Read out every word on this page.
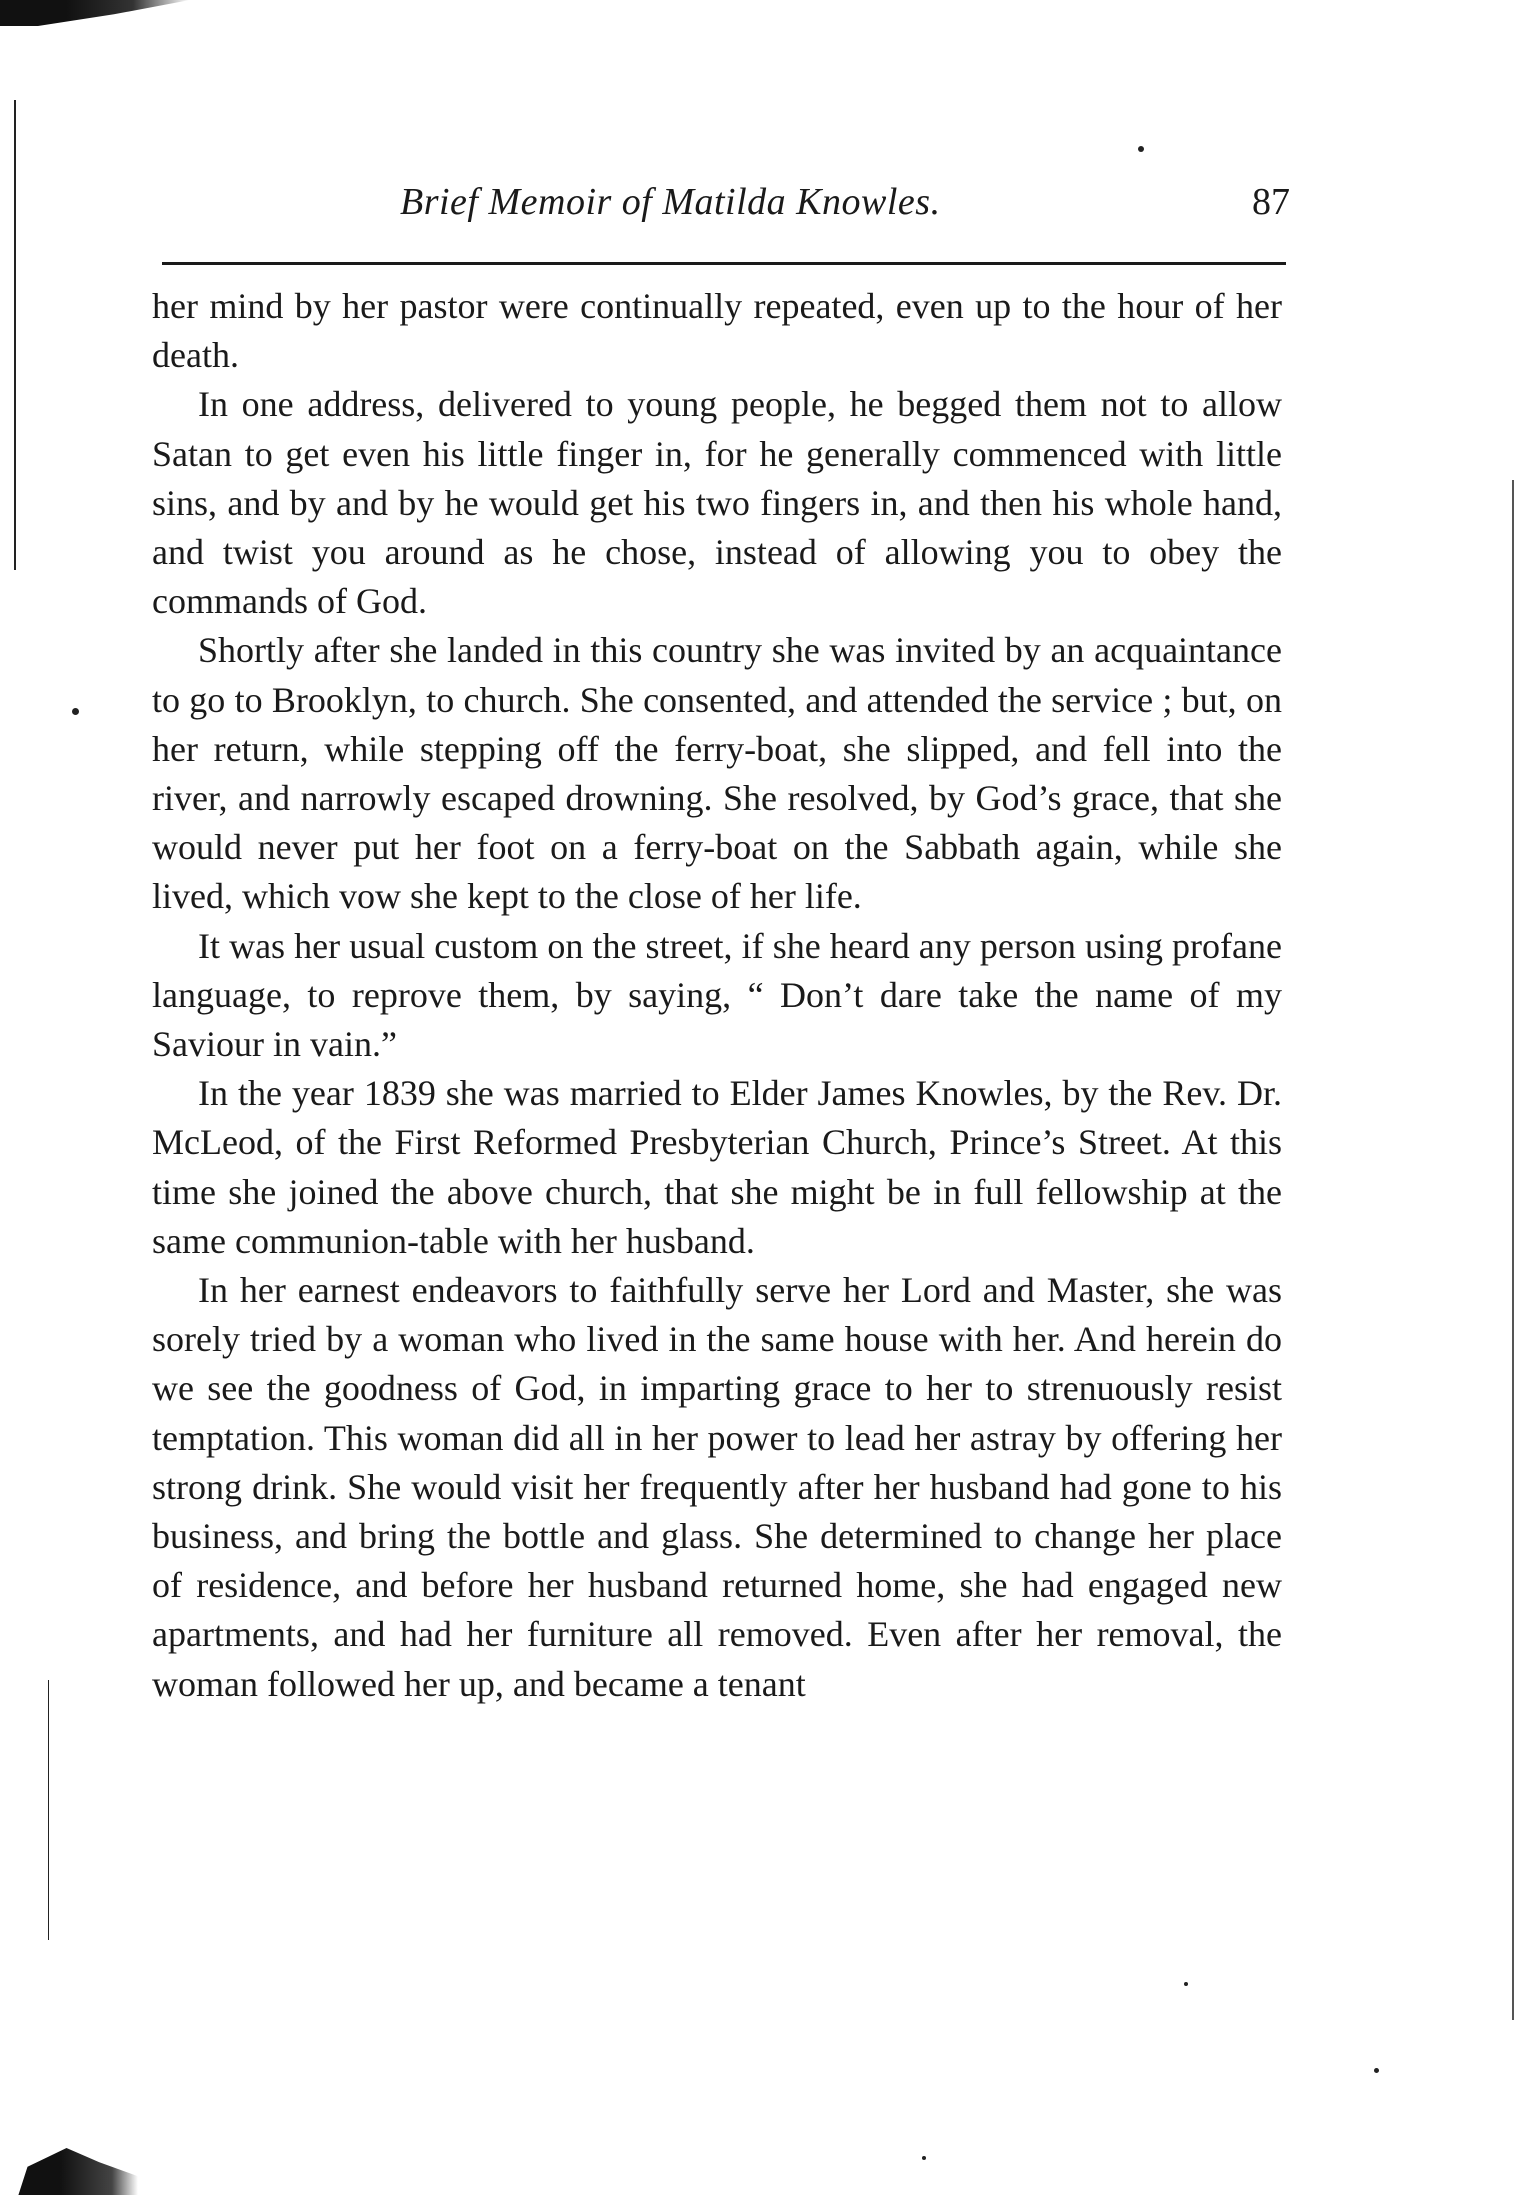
Brief Memoir of Matilda Knowles.	87

her mind by her pastor were continually repeated, even up to the hour of her death.

In one address, delivered to young people, he begged them not to allow Satan to get even his little finger in, for he generally commenced with little sins, and by and by he would get his two fingers in, and then his whole hand, and twist you around as he chose, instead of allowing you to obey the commands of God.

Shortly after she landed in this country she was invited by an acquaintance to go to Brooklyn, to church. She consented, and attended the service ; but, on her return, while stepping off the ferry-boat, she slipped, and fell into the river, and narrowly escaped drowning. She resolved, by God’s grace, that she would never put her foot on a ferry-boat on the Sabbath again, while she lived, which vow she kept to the close of her life.

It was her usual custom on the street, if she heard any person using profane language, to reprove them, by saying, “ Don’t dare take the name of my Saviour in vain.”

In the year 1839 she was married to Elder James Knowles, by the Rev. Dr. McLeod, of the First Reformed Presbyterian Church, Prince’s Street. At this time she joined the above church, that she might be in full fellowship at the same communion-table with her husband.

In her earnest endeavors to faithfully serve her Lord and Master, she was sorely tried by a woman who lived in the same house with her. And herein do we see the goodness of God, in imparting grace to her to strenuously resist temptation. This woman did all in her power to lead her astray by offering her strong drink. She would visit her frequently after her husband had gone to his business, and bring the bottle and glass. She determined to change her place of residence, and before her husband returned home, she had engaged new apartments, and had her furniture all removed. Even after her removal, the woman followed her up, and became a tenant
